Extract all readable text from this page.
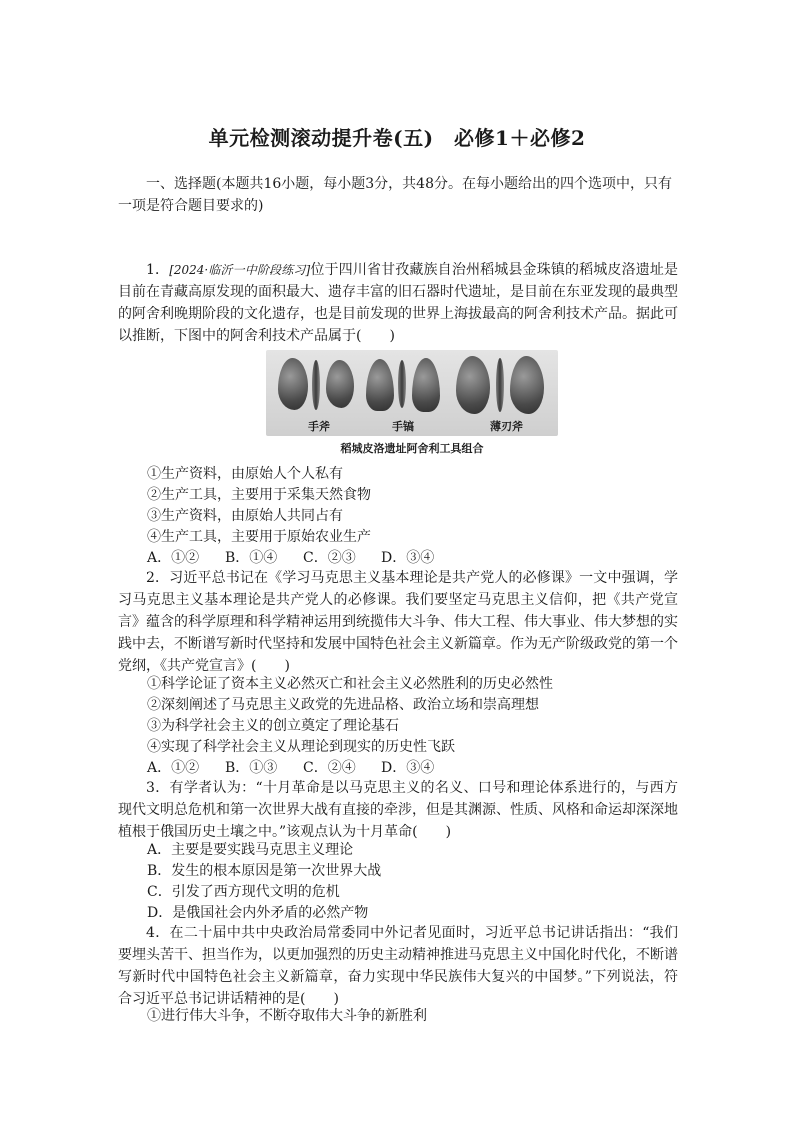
单元检测滚动提升卷(五)　必修1＋必修2
一、选择题(本题共16小题，每小题3分，共48分。在每小题给出的四个选项中，只有一项是符合题目要求的)
1．[2024·临沂一中阶段练习]位于四川省甘孜藏族自治州稻城县金珠镇的稻城皮洛遗址是目前在青藏高原发现的面积最大、遗存丰富的旧石器时代遗址，是目前在东亚发现的最典型的阿舍利晚期阶段的文化遗存，也是目前发现的世界上海拔最高的阿舍利技术产品。据此可以推断，下图中的阿舍利技术产品属于(　　)
手斧	手镐	薄刃斧
稻城皮洛遗址阿舍利工具组合
①生产资料，由原始人个人私有
②生产工具，主要用于采集天然食物
③生产资料，由原始人共同占有
④生产工具，主要用于原始农业生产
A．①② B．①④ C．②③ D．③④
2．习近平总书记在《学习马克思主义基本理论是共产党人的必修课》一文中强调，学习马克思主义基本理论是共产党人的必修课。我们要坚定马克思主义信仰，把《共产党宣言》蕴含的科学原理和科学精神运用到统揽伟大斗争、伟大工程、伟大事业、伟大梦想的实践中去，不断谱写新时代坚持和发展中国特色社会主义新篇章。作为无产阶级政党的第一个党纲，《共产党宣言》(　　)
①科学论证了资本主义必然灭亡和社会主义必然胜利的历史必然性
②深刻阐述了马克思主义政党的先进品格、政治立场和崇高理想
③为科学社会主义的创立奠定了理论基石
④实现了科学社会主义从理论到现实的历史性飞跃
A．①② B．①③ C．②④ D．③④
3．有学者认为：“十月革命是以马克思主义的名义、口号和理论体系进行的，与西方现代文明总危机和第一次世界大战有直接的牵涉，但是其渊源、性质、风格和命运却深深地植根于俄国历史土壤之中。”该观点认为十月革命(　　)
A．主要是要实践马克思主义理论
B．发生的根本原因是第一次世界大战
C．引发了西方现代文明的危机
D．是俄国社会内外矛盾的必然产物
4．在二十届中共中央政治局常委同中外记者见面时，习近平总书记讲话指出：“我们要埋头苦干、担当作为，以更加强烈的历史主动精神推进马克思主义中国化时代化，不断谱写新时代中国特色社会主义新篇章，奋力实现中华民族伟大复兴的中国梦。”下列说法，符合习近平总书记讲话精神的是(　　)
①进行伟大斗争，不断夺取伟大斗争的新胜利
